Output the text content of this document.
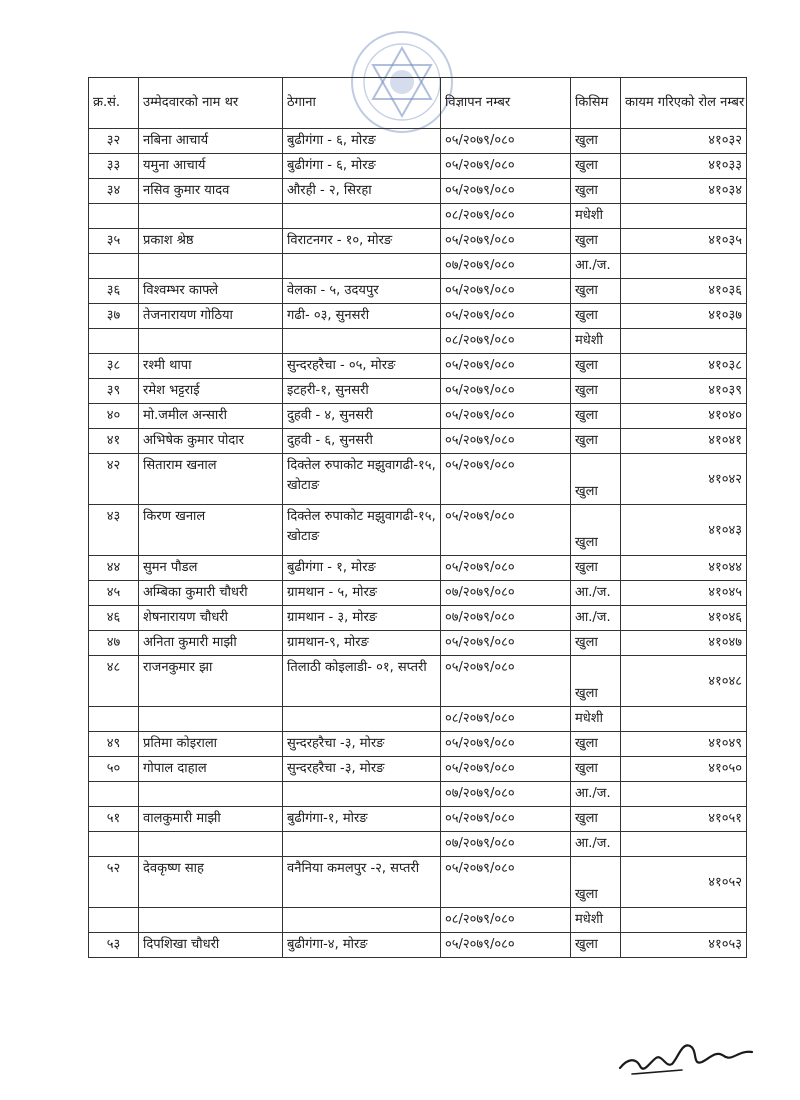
क्र.सं.	उम्मेदवारको नाम थर	ठेगाना	विज्ञापन नम्बर	किसिम	कायम गरिएको रोल नम्बर
३२	नबिना आचार्य	बुढीगंगा - ६, मोरङ	०५/२०७९/०८०	खुला	४१०३२
३३	यमुना आचार्य	बुढीगंगा - ६, मोरङ	०५/२०७९/०८०	खुला	४१०३३
३४	नसिव कुमार यादव	औरही - २, सिरहा	०५/२०७९/०८०	खुला	४१०३४
			०८/२०७९/०८०	मधेशी	
३५	प्रकाश श्रेष्ठ	विराटनगर - १०, मोरङ	०५/२०७९/०८०	खुला	४१०३५
			०७/२०७९/०८०	आ./ज.	
३६	विश्वम्भर काफ्ले	वेलका - ५, उदयपुर	०५/२०७९/०८०	खुला	४१०३६
३७	तेजनारायण गोठिया	गढी- ०३, सुनसरी	०५/२०७९/०८०	खुला	४१०३७
			०८/२०७९/०८०	मधेशी	
३८	रश्मी थापा	सुन्दरहरैचा - ०५, मोरङ	०५/२०७९/०८०	खुला	४१०३८
३९	रमेश भट्टराई	इटहरी-१, सुनसरी	०५/२०७९/०८०	खुला	४१०३९
४०	मो.जमील अन्सारी	दुहवी - ४, सुनसरी	०५/२०७९/०८०	खुला	४१०४०
४१	अभिषेक कुमार पोदार	दुहवी - ६, सुनसरी	०५/२०७९/०८०	खुला	४१०४१
४२	सिताराम खनाल	दिक्तेल रुपाकोट मझुवागढी-१५, खोटाङ	०५/२०७९/०८०	खुला	४१०४२
४३	किरण खनाल	दिक्तेल रुपाकोट मझुवागढी-१५, खोटाङ	०५/२०७९/०८०	खुला	४१०४३
४४	सुमन पौडल	बुढीगंगा - १, मोरङ	०५/२०७९/०८०	खुला	४१०४४
४५	अम्बिका कुमारी चौधरी	ग्रामथान - ५, मोरङ	०७/२०७९/०८०	आ./ज.	४१०४५
४६	शेषनारायण चौधरी	ग्रामथान - ३, मोरङ	०७/२०७९/०८०	आ./ज.	४१०४६
४७	अनिता कुमारी माझी	ग्रामथान-९, मोरङ	०५/२०७९/०८०	खुला	४१०४७
४८	राजनकुमार झा	तिलाठी कोइलाडी- ०१, सप्तरी	०५/२०७९/०८०	खुला	४१०४८
			०८/२०७९/०८०	मधेशी	
४९	प्रतिमा कोइराला	सुन्दरहरैचा -३, मोरङ	०५/२०७९/०८०	खुला	४१०४९
५०	गोपाल दाहाल	सुन्दरहरैचा -३, मोरङ	०५/२०७९/०८०	खुला	४१०५०
			०७/२०७९/०८०	आ./ज.	
५१	वालकुमारी माझी	बुढीगंगा-१, मोरङ	०५/२०७९/०८०	खुला	४१०५१
			०७/२०७९/०८०	आ./ज.	
५२	देवकृष्ण साह	वनैनिया कमलपुर -२, सप्तरी	०५/२०७९/०८०	खुला	४१०५२
			०८/२०७९/०८०	मधेशी	
५३	दिपशिखा चौधरी	बुढीगंगा-४, मोरङ	०५/२०७९/०८०	खुला	४१०५३
